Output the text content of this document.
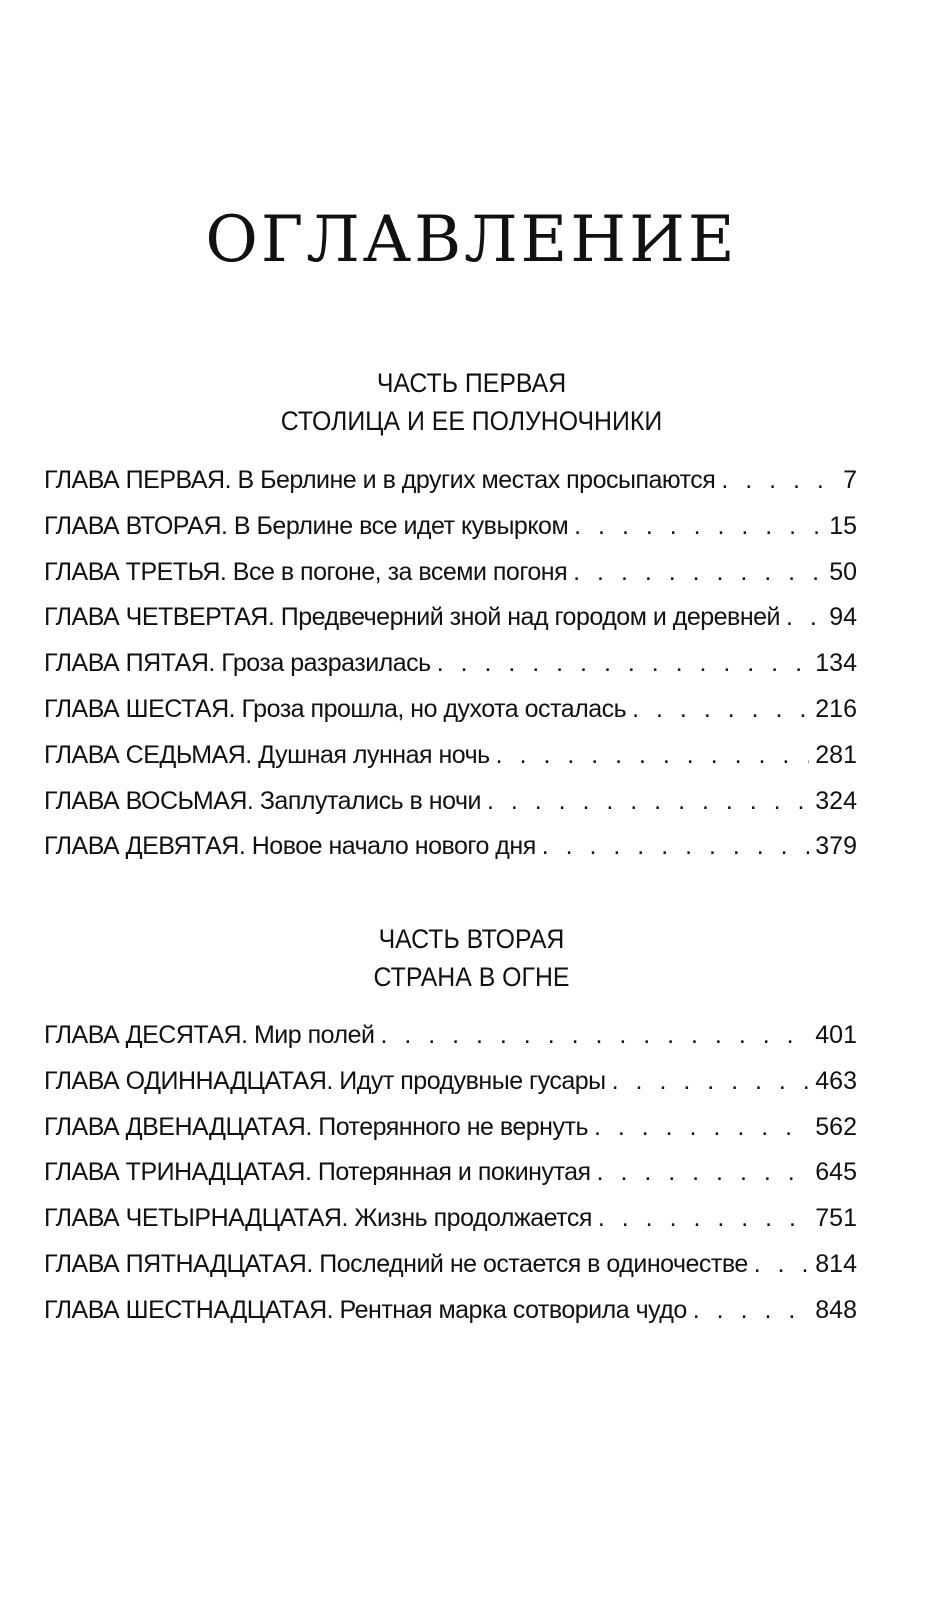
ОГЛАВЛЕНИЕ
ЧАСТЬ ПЕРВАЯ
СТОЛИЦА И ЕЕ ПОЛУНОЧНИКИ
ГЛАВА ПЕРВАЯ. В Берлине и в других местах просыпаются . . .	7
ГЛАВА ВТОРАЯ. В Берлине все идет кувырком . . .	15
ГЛАВА ТРЕТЬЯ. Все в погоне, за всеми погоня . . .	50
ГЛАВА ЧЕТВЕРТАЯ. Предвечерний зной над городом и деревней . . . 94
ГЛАВА ПЯТАЯ. Гроза разразилась . . .	134
ГЛАВА ШЕСТАЯ. Гроза прошла, но духота осталась . . .	216
ГЛАВА СЕДЬМАЯ. Душная лунная ночь . . .	281
ГЛАВА ВОСЬМАЯ. Заплутались в ночи . . .	324
ГЛАВА ДЕВЯТАЯ. Новое начало нового дня . . .	379
ЧАСТЬ ВТОРАЯ
СТРАНА В ОГНЕ
ГЛАВА ДЕСЯТАЯ. Мир полей . . .	401
ГЛАВА ОДИННАДЦАТАЯ. Идут продувные гусары . . .	463
ГЛАВА ДВЕНАДЦАТАЯ. Потерянного не вернуть . . .	562
ГЛАВА ТРИНАДЦАТАЯ. Потерянная и покинутая . . .	645
ГЛАВА ЧЕТЫРНАДЦАТАЯ. Жизнь продолжается . . .	751
ГЛАВА ПЯТНАДЦАТАЯ. Последний не остается в одиночестве . . .	814
ГЛАВА ШЕСТНАДЦАТАЯ. Рентная марка сотворила чудо . . .	848
